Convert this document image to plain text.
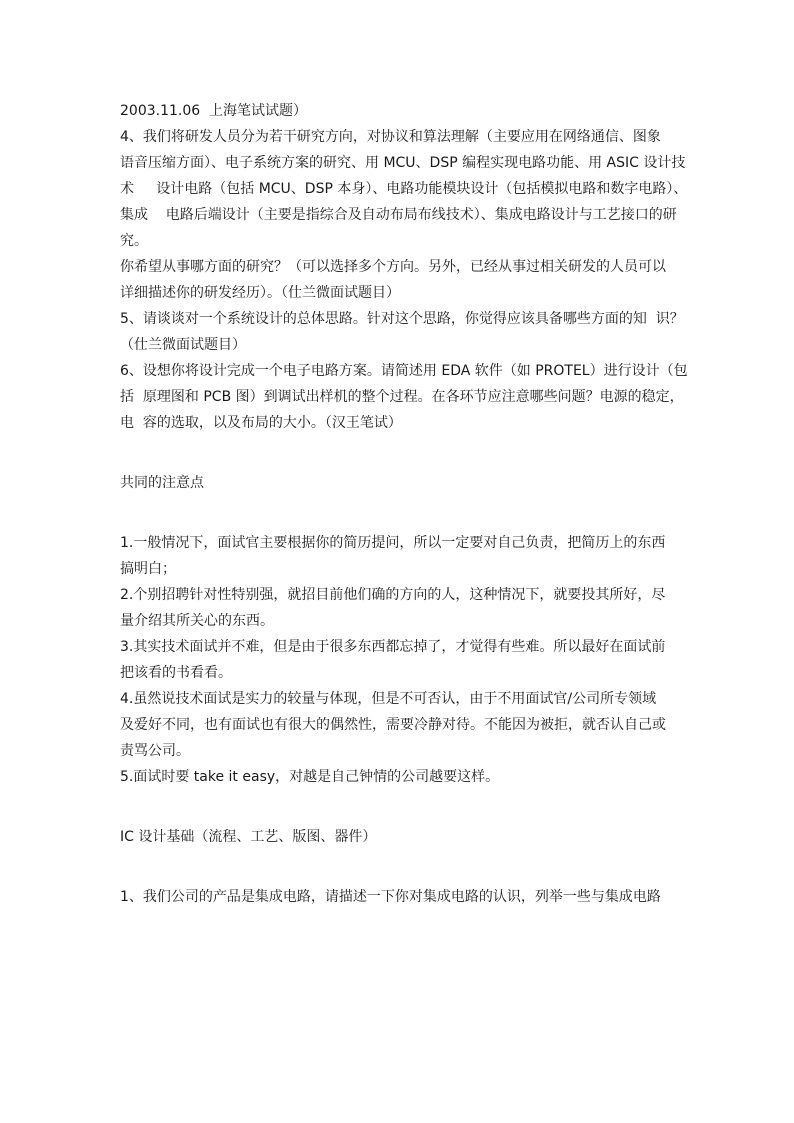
2003.11.06  上海笔试试题）
4、我们将研发人员分为若干研究方向，对协议和算法理解（主要应用在网络通信、图象
语音压缩方面）、电子系统方案的研究、用 MCU、DSP 编程实现电路功能、用 ASIC 设计技
术     设计电路（包括 MCU、DSP 本身）、电路功能模块设计（包括模拟电路和数字电路）、
集成    电路后端设计（主要是指综合及自动布局布线技术）、集成电路设计与工艺接口的研
究。
你希望从事哪方面的研究？（可以选择多个方向。另外，已经从事过相关研发的人员可以
详细描述你的研发经历）。（仕兰微面试题目）
5、请谈谈对一个系统设计的总体思路。针对这个思路，你觉得应该具备哪些方面的知  识？
（仕兰微面试题目）
6、设想你将设计完成一个电子电路方案。请简述用 EDA 软件（如 PROTEL）进行设计（包
括  原理图和 PCB 图）到调试出样机的整个过程。在各环节应注意哪些问题？电源的稳定，
电  容的选取，以及布局的大小。（汉王笔试）
共同的注意点
1.一般情况下，面试官主要根据你的简历提问，所以一定要对自己负责，把简历上的东西
搞明白；
2.个别招聘针对性特别强，就招目前他们确的方向的人，这种情况下，就要投其所好，尽
量介绍其所关心的东西。
3.其实技术面试并不难，但是由于很多东西都忘掉了，才觉得有些难。所以最好在面试前
把该看的书看看。
4.虽然说技术面试是实力的较量与体现，但是不可否认，由于不用面试官/公司所专领域
及爱好不同，也有面试也有很大的偶然性，需要冷静对待。不能因为被拒，就否认自己或
责骂公司。
5.面试时要 take it easy，对越是自己钟情的公司越要这样。
IC 设计基础（流程、工艺、版图、器件）
1、我们公司的产品是集成电路，请描述一下你对集成电路的认识，列举一些与集成电路
